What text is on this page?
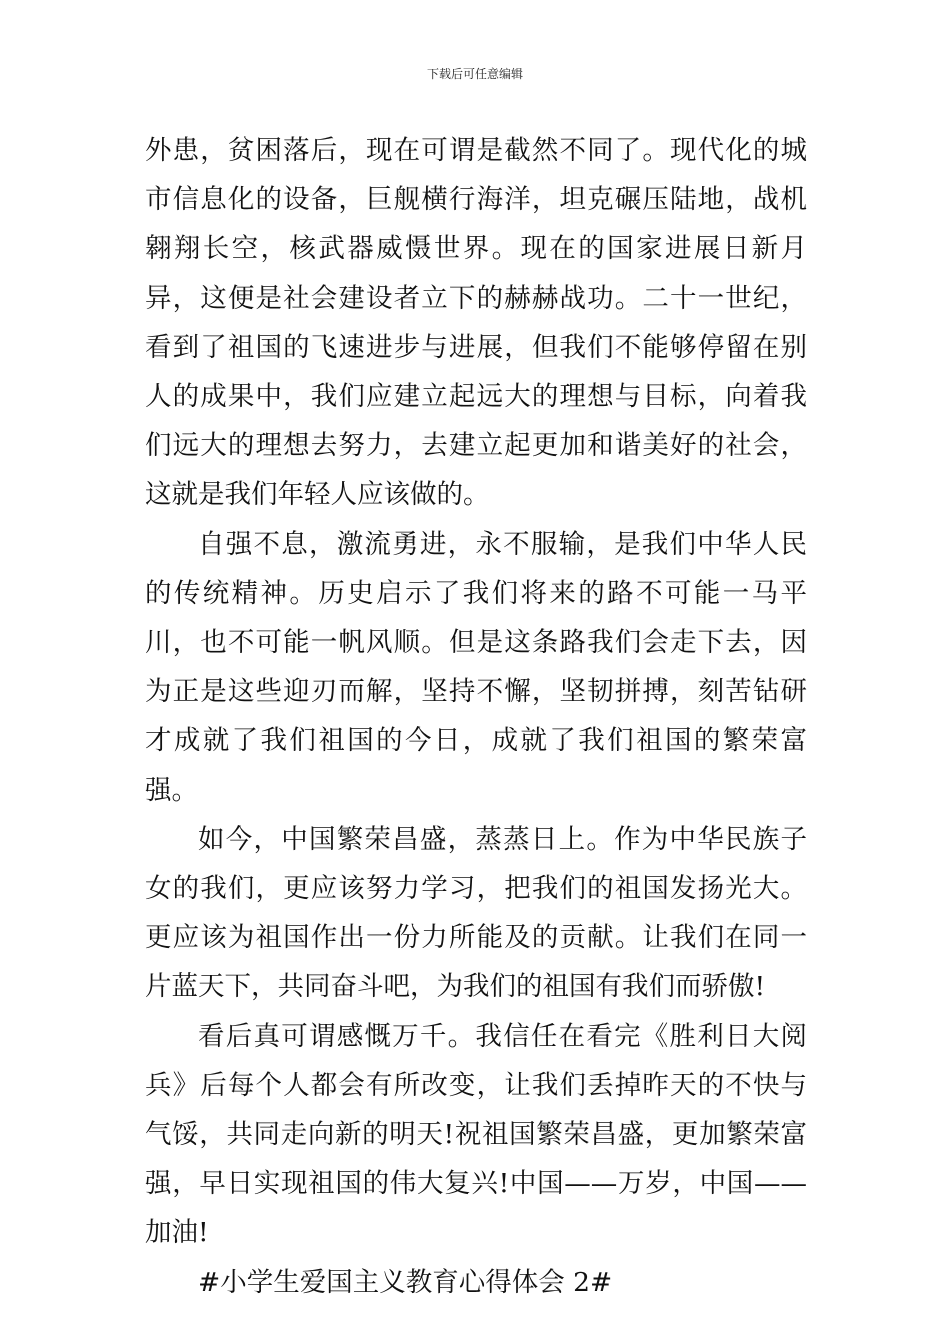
下载后可任意编辑

外患，贫困落后，现在可谓是截然不同了。现代化的城市信息化的设备，巨舰横行海洋，坦克碾压陆地，战机翱翔长空，核武器威慑世界。现在的国家进展日新月异，这便是社会建设者立下的赫赫战功。二十一世纪，看到了祖国的飞速进步与进展，但我们不能够停留在别人的成果中，我们应建立起远大的理想与目标，向着我们远大的理想去努力，去建立起更加和谐美好的社会，这就是我们年轻人应该做的。

自强不息，激流勇进，永不服输，是我们中华人民的传统精神。历史启示了我们将来的路不可能一马平川，也不可能一帆风顺。但是这条路我们会走下去，因为正是这些迎刃而解，坚持不懈，坚韧拼搏，刻苦钻研才成就了我们祖国的今日，成就了我们祖国的繁荣富强。

如今，中国繁荣昌盛，蒸蒸日上。作为中华民族子女的我们，更应该努力学习，把我们的祖国发扬光大。更应该为祖国作出一份力所能及的贡献。让我们在同一片蓝天下，共同奋斗吧，为我们的祖国有我们而骄傲!

看后真可谓感慨万千。我信任在看完《胜利日大阅兵》后每个人都会有所改变，让我们丢掉昨天的不快与气馁，共同走向新的明天!祝祖国繁荣昌盛，更加繁荣富强，早日实现祖国的伟大复兴!中国——万岁，中国——加油!

#小学生爱国主义教育心得体会 2#
